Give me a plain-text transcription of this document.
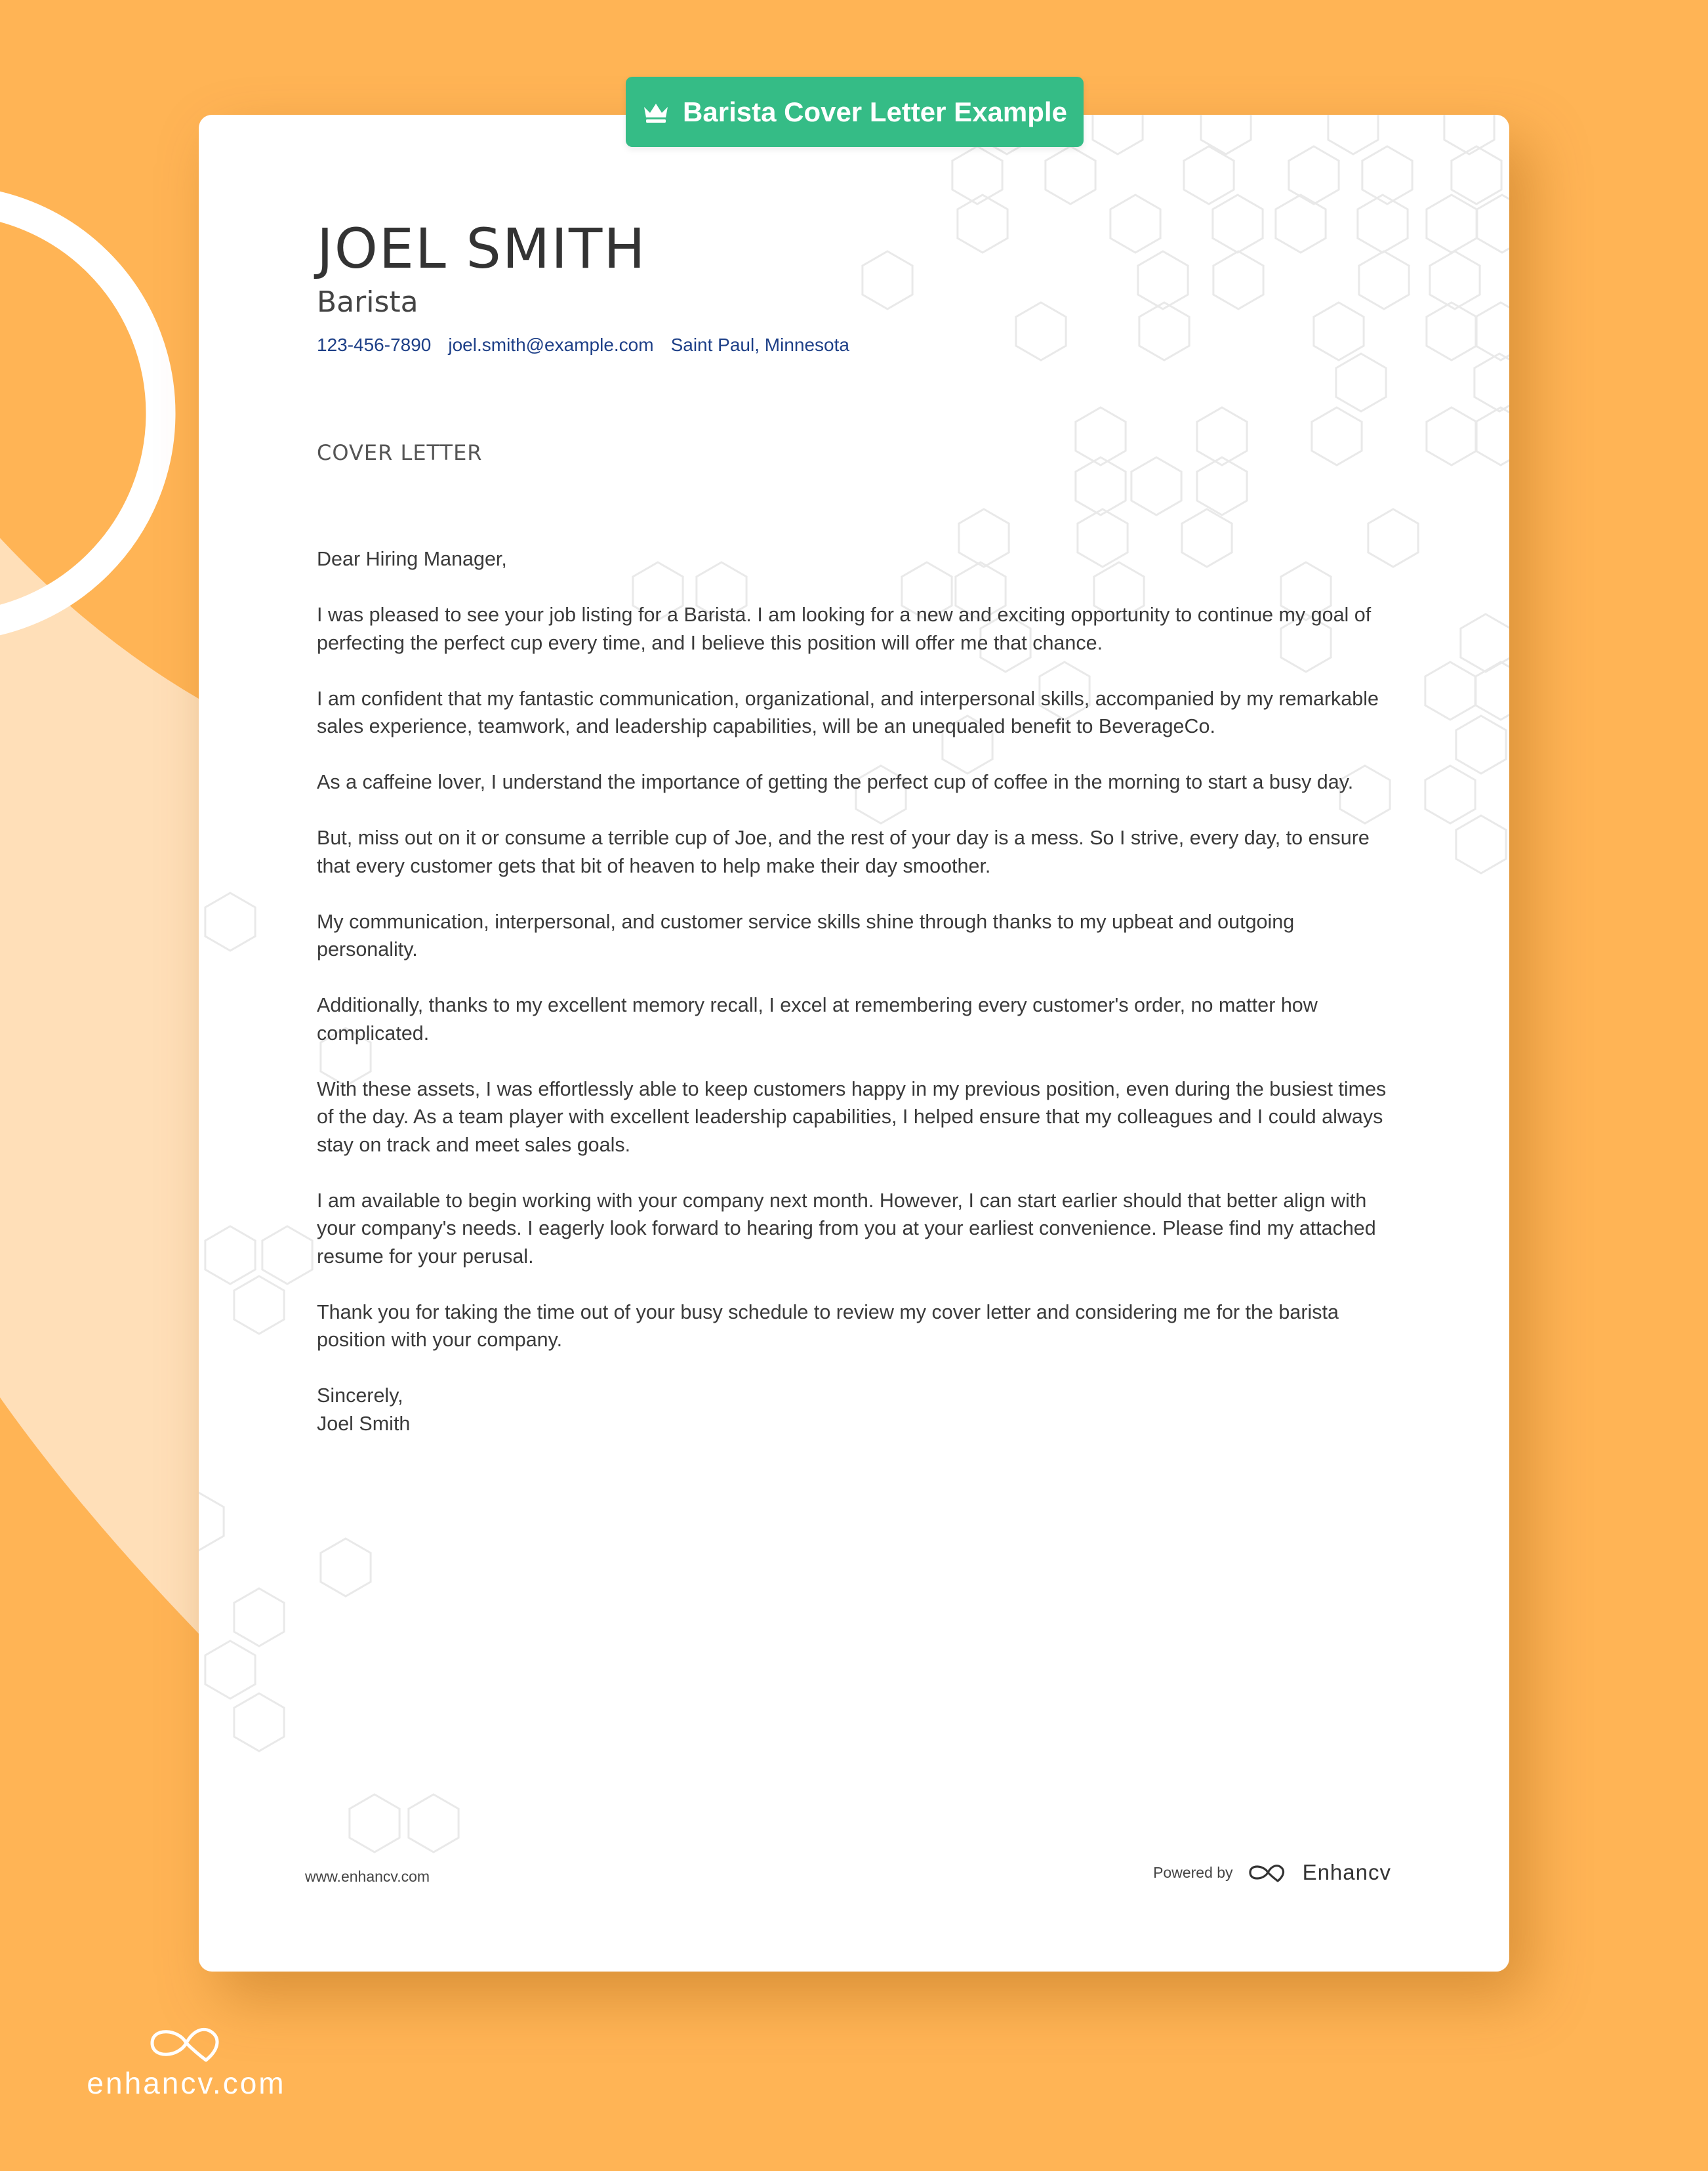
JOEL SMITH
Barista
123-456-7890 joel.smith@example.com Saint Paul, Minnesota
COVER LETTER

Dear Hiring Manager,

I was pleased to see your job listing for a Barista. I am looking for a new and exciting opportunity to continue my goal of perfecting the perfect cup every time, and I believe this position will offer me that chance.

I am confident that my fantastic communication, organizational, and interpersonal skills, accompanied by my remarkable sales experience, teamwork, and leadership capabilities, will be an unequaled benefit to BeverageCo.

As a caffeine lover, I understand the importance of getting the perfect cup of coffee in the morning to start a busy day.

But, miss out on it or consume a terrible cup of Joe, and the rest of your day is a mess. So I strive, every day, to ensure that every customer gets that bit of heaven to help make their day smoother.

My communication, interpersonal, and customer service skills shine through thanks to my upbeat and outgoing personality.

Additionally, thanks to my excellent memory recall, I excel at remembering every customer's order, no matter how complicated.

With these assets, I was effortlessly able to keep customers happy in my previous position, even during the busiest times of the day. As a team player with excellent leadership capabilities, I helped ensure that my colleagues and I could always stay on track and meet sales goals.

I am available to begin working with your company next month. However, I can start earlier should that better align with your company's needs. I eagerly look forward to hearing from you at your earliest convenience. Please find my attached resume for your perusal.

Thank you for taking the time out of your busy schedule to review my cover letter and considering me for the barista position with your company.

Sincerely,

Joel Smith

www.enhancv.com	Powered by	Enhancv
Barista Cover Letter Example
enhancv.com
